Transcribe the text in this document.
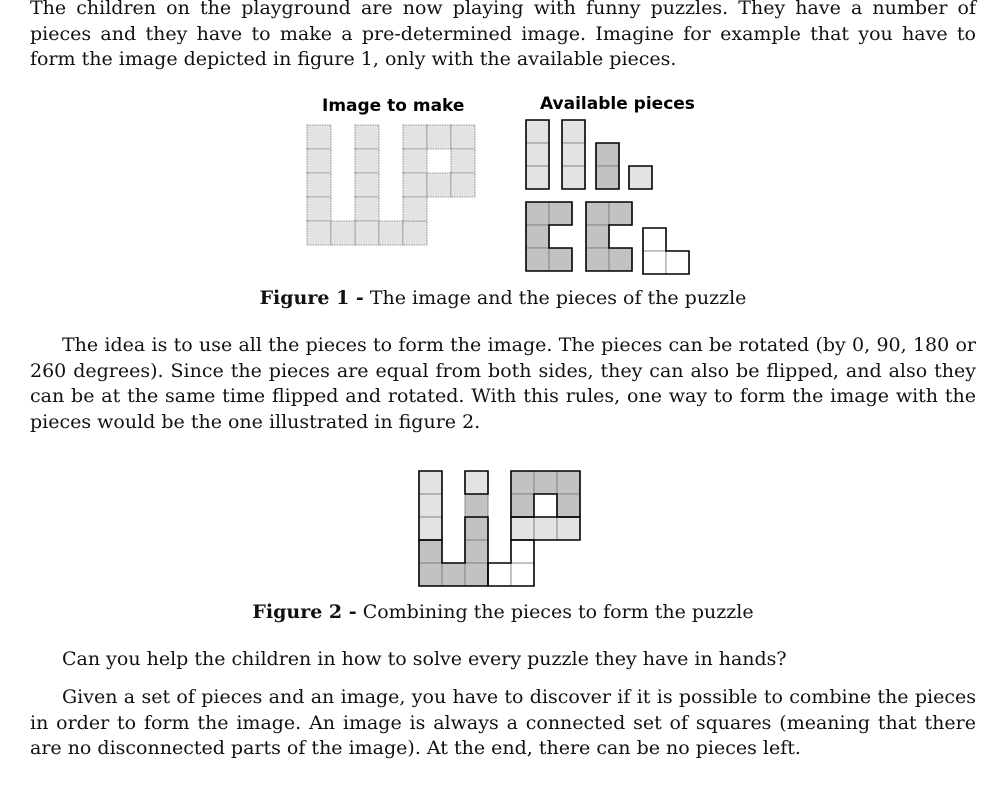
The children on the playground are now playing with funny puzzles. They have a number of pieces and they have to make a pre-determined image. Imagine for example that you have to form the image depicted in figure 1, only with the available pieces.

Image to make	Available pieces

Figure 1 - The image and the pieces of the puzzle

The idea is to use all the pieces to form the image. The pieces can be rotated (by 0, 90, 180 or 260 degrees). Since the pieces are equal from both sides, they can also be flipped, and also they can be at the same time flipped and rotated. With this rules, one way to form the image with the pieces would be the one illustrated in figure 2.

Figure 2 - Combining the pieces to form the puzzle

Can you help the children in how to solve every puzzle they have in hands?

Given a set of pieces and an image, you have to discover if it is possible to combine the pieces in order to form the image. An image is always a connected set of squares (meaning that there are no disconnected parts of the image). At the end, there can be no pieces left.
